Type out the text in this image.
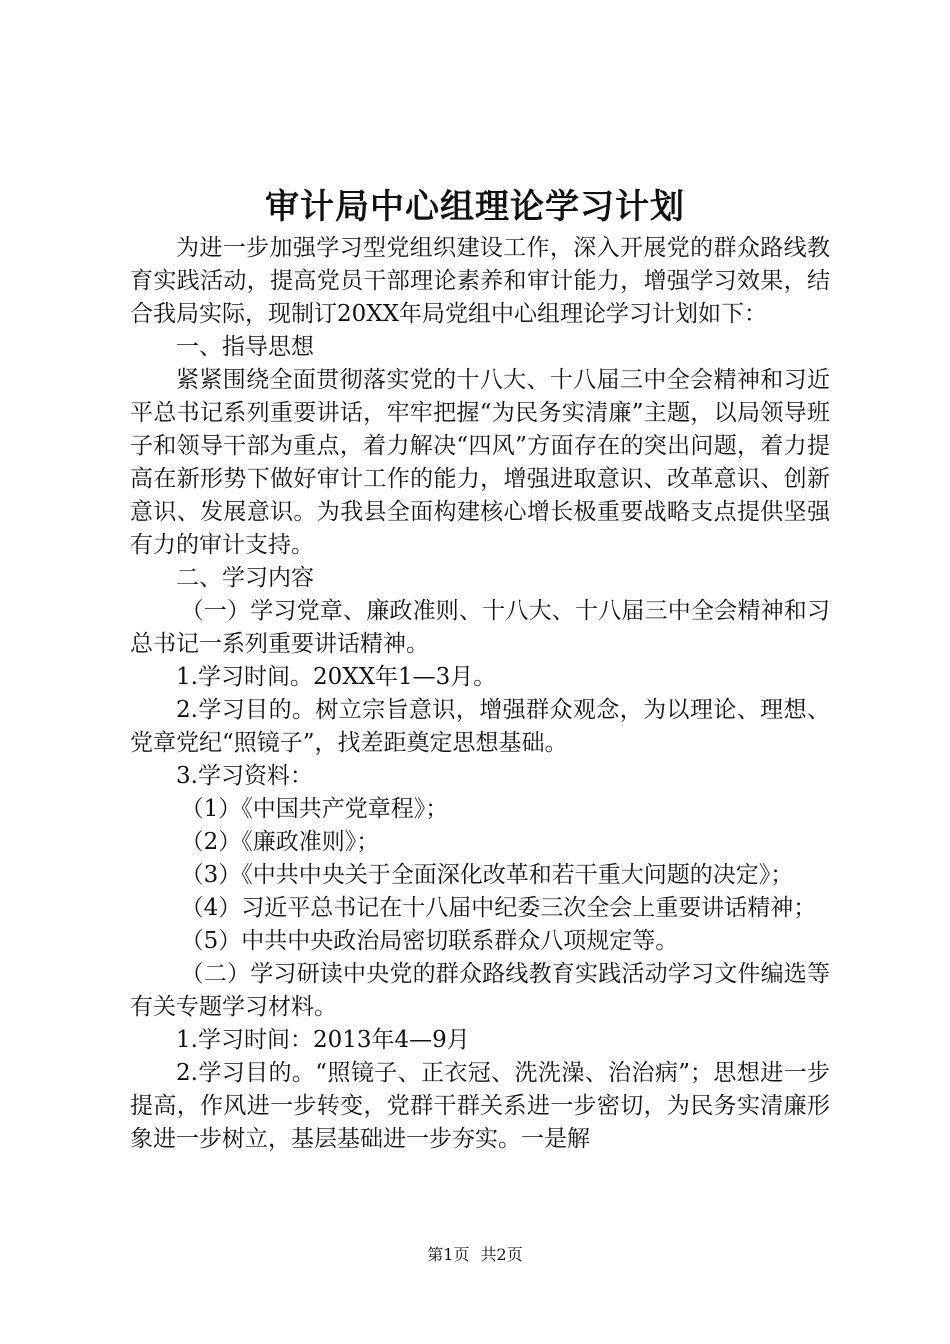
审计局中心组理论学习计划

为进一步加强学习型党组织建设工作，深入开展党的群众路线教育实践活动，提高党员干部理论素养和审计能力，增强学习效果，结合我局实际，现制订20XX年局党组中心组理论学习计划如下：

一、指导思想

紧紧围绕全面贯彻落实党的十八大、十八届三中全会精神和习近平总书记系列重要讲话，牢牢把握“为民务实清廉”主题，以局领导班子和领导干部为重点，着力解决“四风”方面存在的突出问题，着力提高在新形势下做好审计工作的能力，增强进取意识、改革意识、创新意识、发展意识。为我县全面构建核心增长极重要战略支点提供坚强有力的审计支持。

二、学习内容

（一）学习党章、廉政准则、十八大、十八届三中全会精神和习总书记一系列重要讲话精神。

1.学习时间。20XX年1—3月。

2.学习目的。树立宗旨意识，增强群众观念，为以理论、理想、党章党纪“照镜子”，找差距奠定思想基础。

3.学习资料：

（1）《中国共产党章程》；

（2）《廉政准则》；

（3）《中共中央关于全面深化改革和若干重大问题的决定》；

（4）习近平总书记在十八届中纪委三次全会上重要讲话精神；

（5）中共中央政治局密切联系群众八项规定等。

（二）学习研读中央党的群众路线教育实践活动学习文件编选等有关专题学习材料。

1.学习时间：2013年4—9月

2.学习目的。“照镜子、正衣冠、洗洗澡、治治病”；思想进一步提高，作风进一步转变，党群干群关系进一步密切，为民务实清廉形象进一步树立，基层基础进一步夯实。一是解

第1页 共2页
